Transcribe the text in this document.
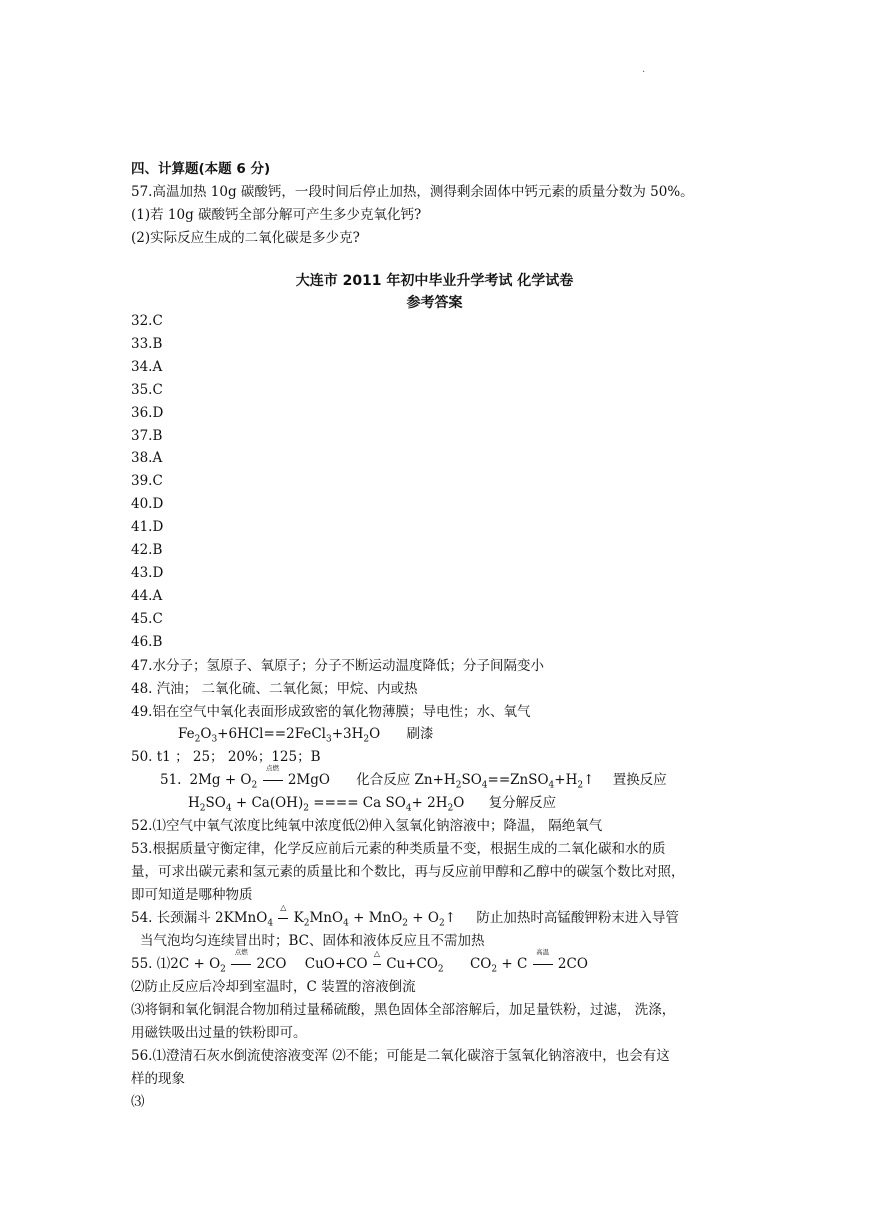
.
四、计算题(本题 6 分)
57.高温加热 10g 碳酸钙，一段时间后停止加热，测得剩余固体中钙元素的质量分数为 50%。
(1)若 10g 碳酸钙全部分解可产生多少克氧化钙?
(2)实际反应生成的二氧化碳是多少克?
大连市 2011 年初中毕业升学考试 化学试卷
参考答案
32.C
33.B
34.A
35.C
36.D
37.B
38.A
39.C
40.D
41.D
42.B
43.D
44.A
45.C
46.B
47.水分子；氢原子、氧原子；分子不断运动温度降低；分子间隔变小
48. 汽油； 二氧化硫、二氧化氮；甲烷、内或热
49.铝在空气中氧化表面形成致密的氧化物薄膜；导电性；水、氧气
$Fe_2O_3+6HCl==2FeCl_3+3H_2O$ 刷漆
50. t1 ； 25； 20%；125；B
51. $2Mg + O_2$
点燃
2MgO 化合反应 $Zn+H_2SO_4==ZnSO_4+H_2↑$ 置换反应
$H_2SO_4 + Ca(OH)_2$ ==== Ca $SO_4+ 2H_2O$ 复分解反应
52.⑴空气中氧气浓度比纯氧中浓度低⑵伸入氢氧化钠溶液中；降温， 隔绝氧气
53.根据质量守衡定律，化学反应前后元素的种类质量不变，根据生成的二氧化碳和水的质
量，可求出碳元素和氢元素的质量比和个数比，再与反应前甲醇和乙醇中的碳氢个数比对照，
即可知道是哪种物质
54. 长颈漏斗 2KMnO$_4$
△
$K_2MnO_4 + MnO_2$ + $O_2↑$ 防止加热时高锰酸钾粉末进入导管
当气泡均匀连续冒出时；BC、固体和液体反应且不需加热
55. ⑴2C + $O_2$
点燃
2CO CuO+CO
△
$Cu+CO_2$ $CO_2 + C$
高温
2CO
⑵防止反应后冷却到室温时，C 装置的溶液倒流
⑶将铜和氧化铜混合物加稍过量稀硫酸，黑色固体全部溶解后，加足量铁粉，过滤， 洗涤，
用磁铁吸出过量的铁粉即可。
56.⑴澄清石灰水倒流使溶液变浑 ⑵不能；可能是二氧化碳溶于氢氧化钠溶液中，也会有这
样的现象
⑶
